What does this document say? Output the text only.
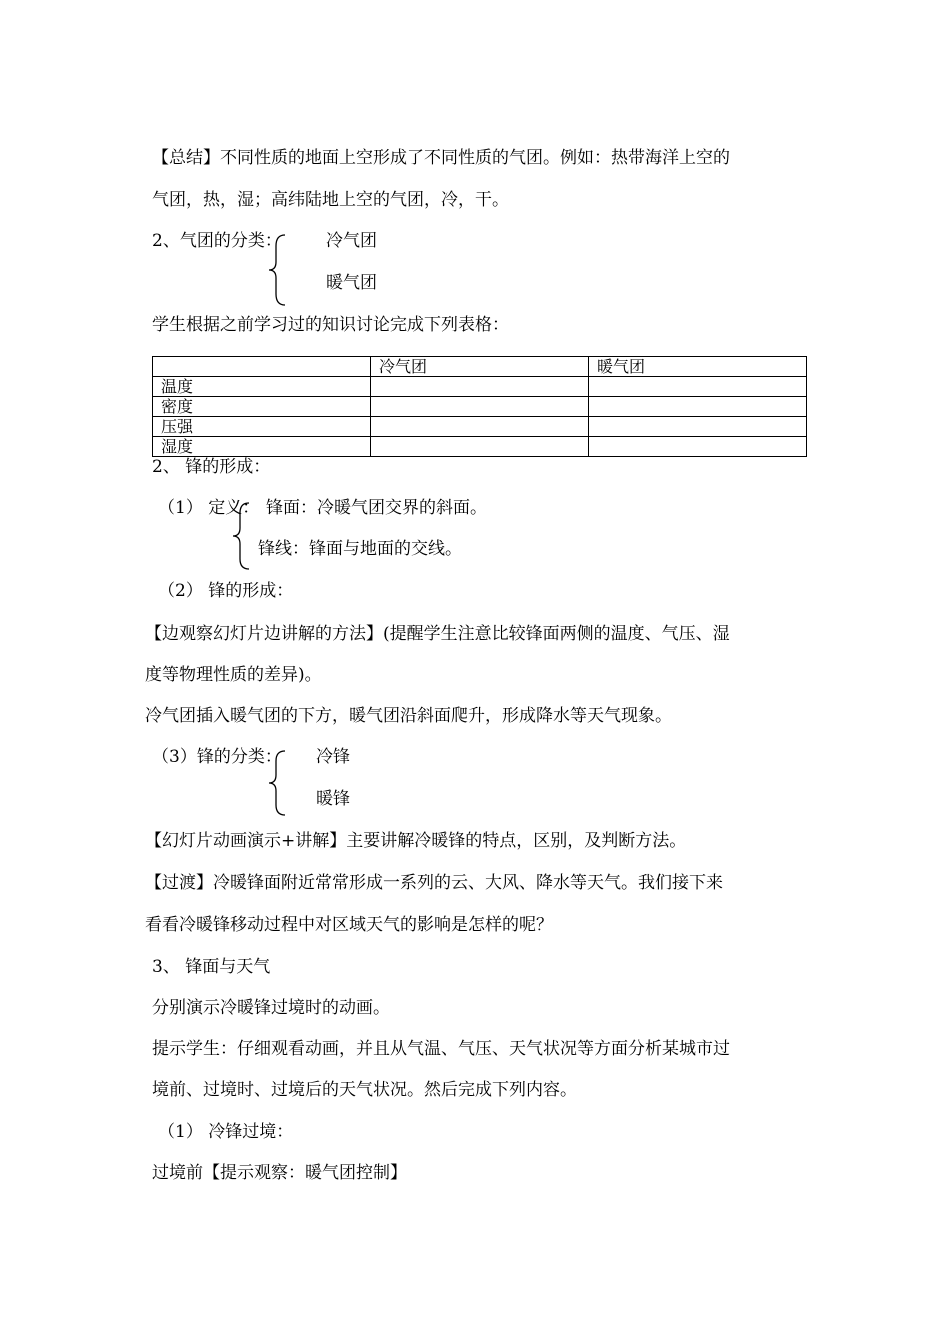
【总结】不同性质的地面上空形成了不同性质的气团。例如：热带海洋上空的
气团，热，湿；高纬陆地上空的气团，冷，干。
2、气团的分类：	冷气团
暖气团
学生根据之前学习过的知识讨论完成下列表格：
	冷气团	暖气团
温度		
密度		
压强		
湿度		
2、 锋的形成：
（1） 定义： 锋面：冷暖气团交界的斜面。
锋线：锋面与地面的交线。
（2） 锋的形成：
【边观察幻灯片边讲解的方法】(提醒学生注意比较锋面两侧的温度、气压、湿
度等物理性质的差异)。
冷气团插入暖气团的下方，暖气团沿斜面爬升，形成降水等天气现象。
（3）锋的分类： 冷锋
暖锋
【幻灯片动画演示+讲解】主要讲解冷暖锋的特点，区别，及判断方法。
【过渡】冷暖锋面附近常常形成一系列的云、大风、降水等天气。我们接下来
看看冷暖锋移动过程中对区域天气的影响是怎样的呢？
3、 锋面与天气
分别演示冷暖锋过境时的动画。
提示学生：仔细观看动画，并且从气温、气压、天气状况等方面分析某城市过
境前、过境时、过境后的天气状况。然后完成下列内容。
（1） 冷锋过境：
过境前【提示观察：暖气团控制】
